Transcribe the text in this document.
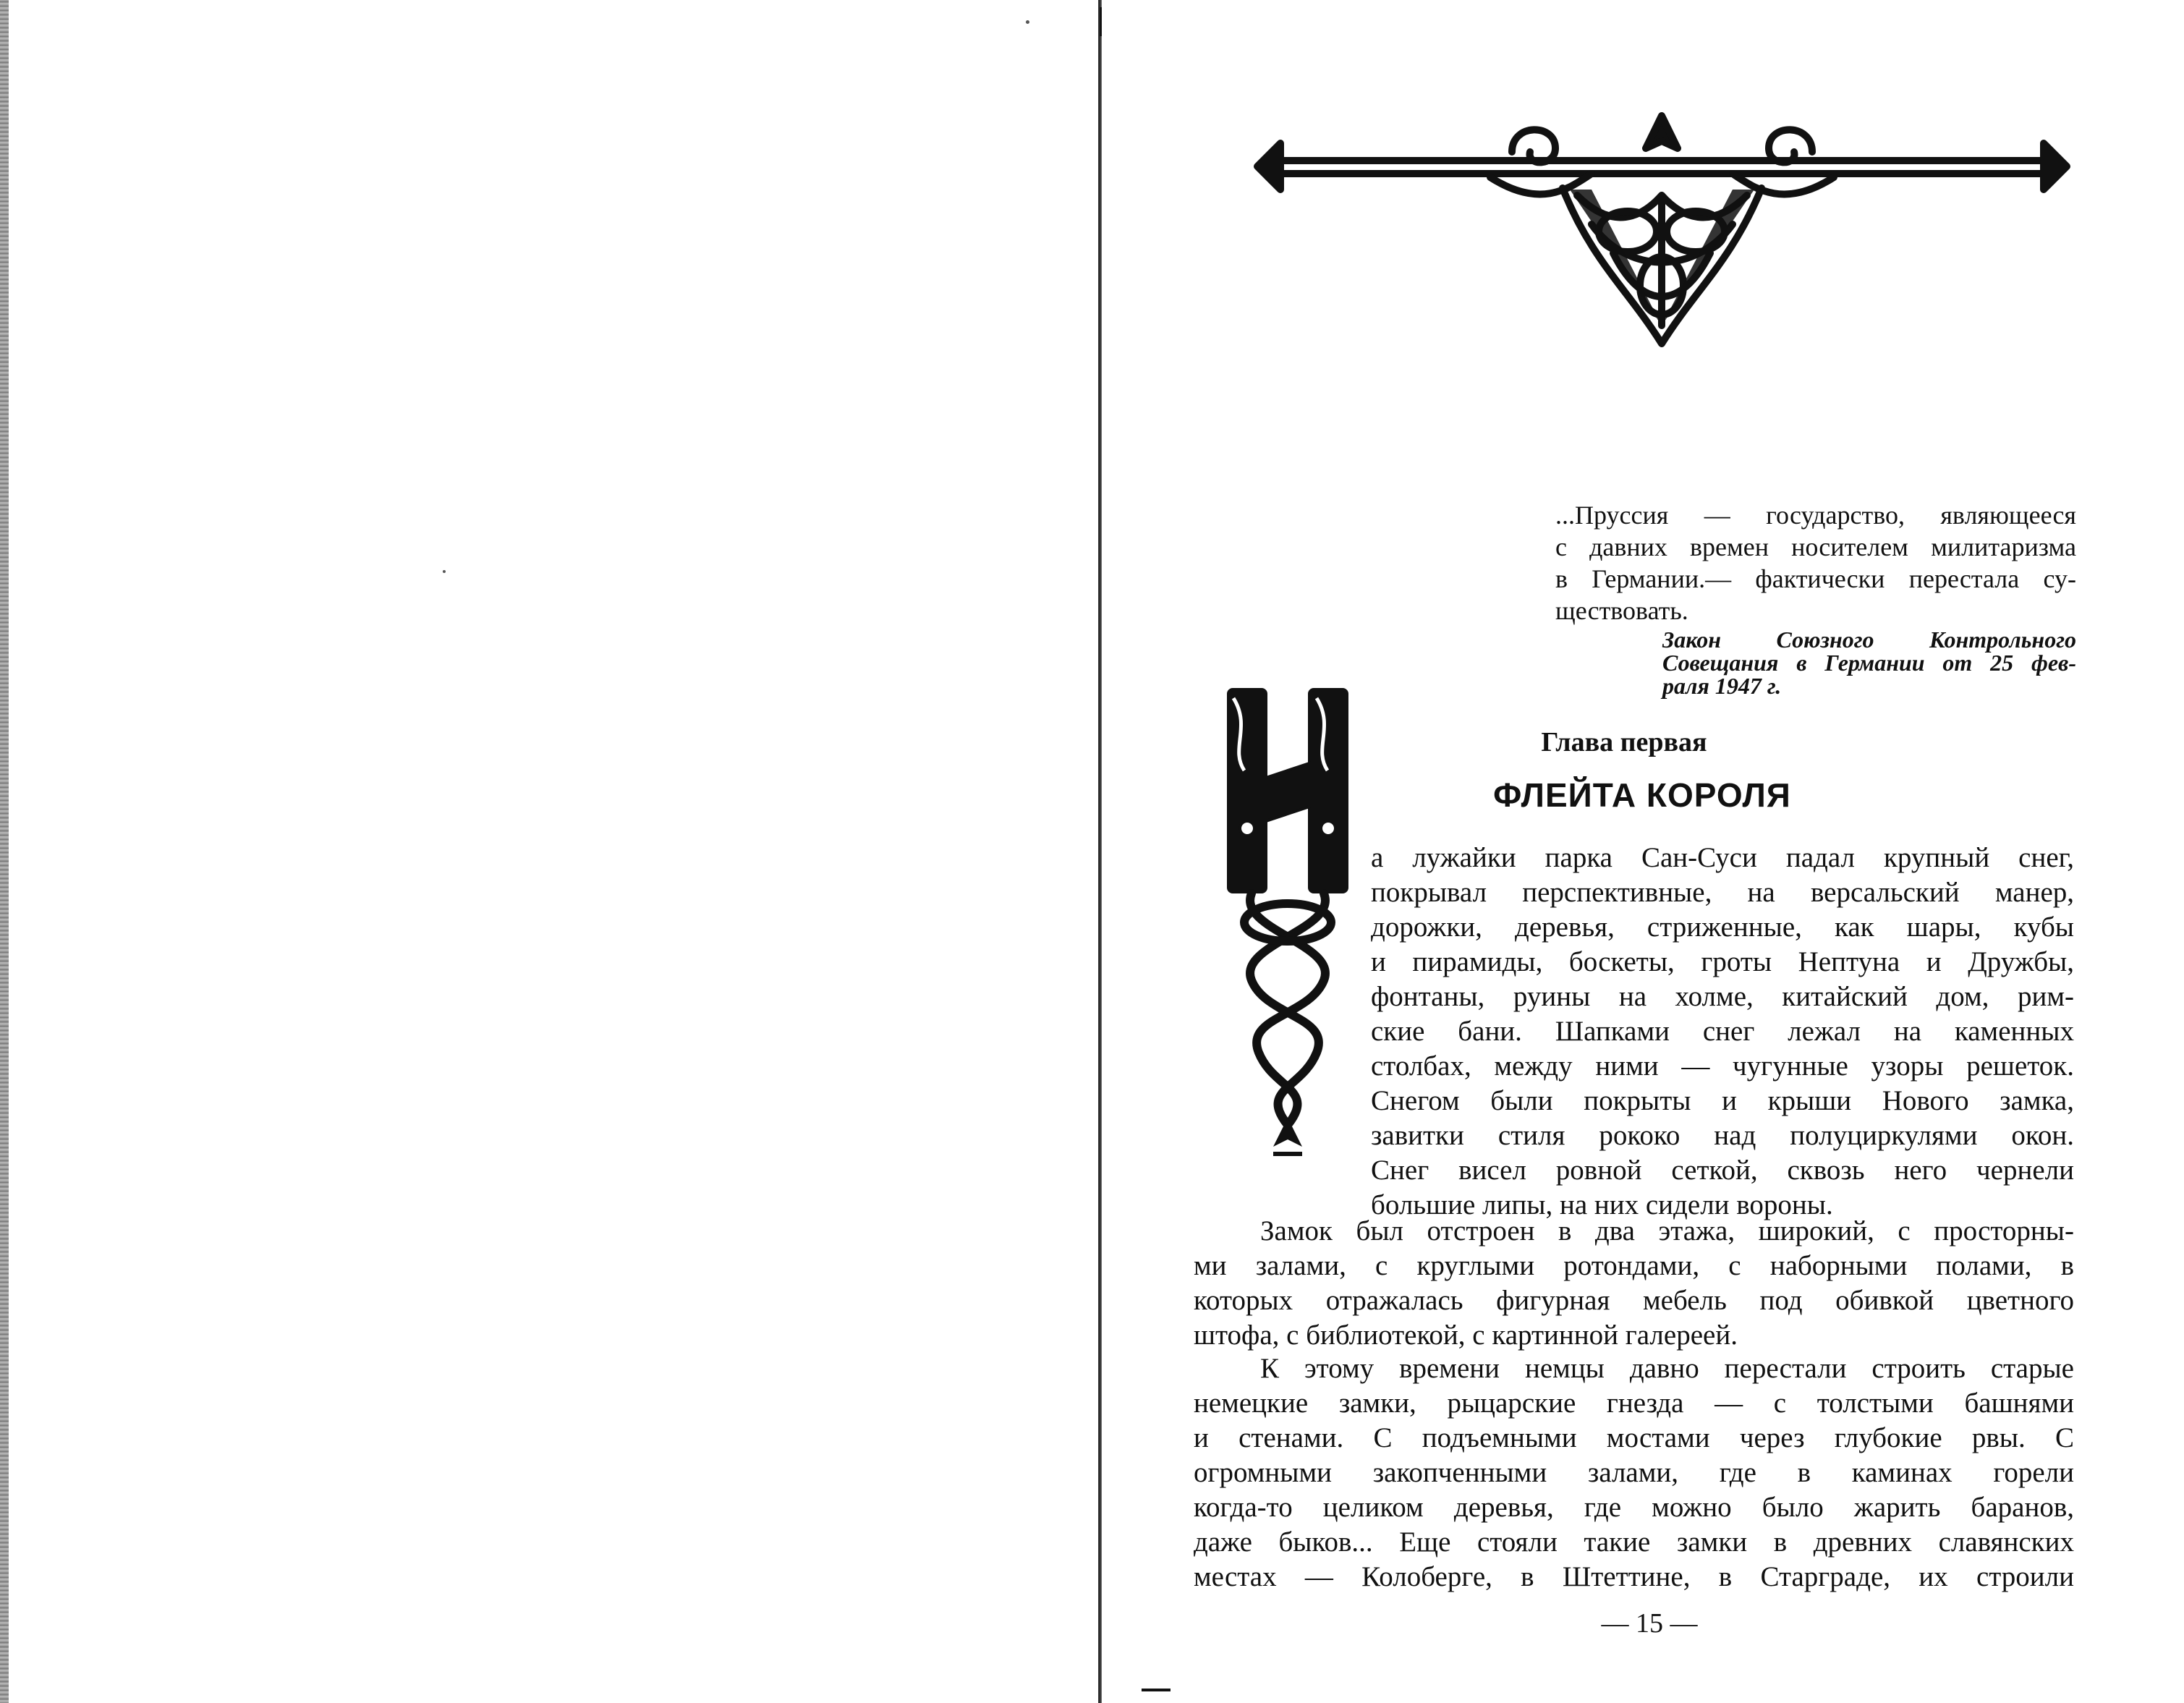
...Пруссия — государство, являющееся
с давних времен носителем милитаризма
в Германии.— фактически перестала су-
ществовать.
Закон Союзного Контрольного
Совещания в Германии от 25 фев-
раля 1947 г.
Глава первая
ФЛЕЙТА КОРОЛЯ
а лужайки парка Сан-Суси падал крупный снег,
покрывал перспективные, на версальский манер,
дорожки, деревья, стриженные, как шары, кубы
и пирамиды, боскеты, гроты Нептуна и Дружбы,
фонтаны, руины на холме, китайский дом, рим-
ские бани. Шапками снег лежал на каменных
столбах, между ними — чугунные узоры решеток.
Снегом были покрыты и крыши Нового замка,
завитки стиля рококо над полуциркулями окон.
Снег висел ровной сеткой, сквозь него чернели
большие липы, на них сидели вороны.
Замок был отстроен в два этажа, широкий, с просторны-
ми залами, с круглыми ротондами, с наборными полами, в
которых отражалась фигурная мебель под обивкой цветного
штофа, с библиотекой, с картинной галереей.
К этому времени немцы давно перестали строить старые
немецкие замки, рыцарские гнезда — с толстыми башнями
и стенами. С подъемными мостами через глубокие рвы. С
огромными закопченными залами, где в каминах горели
когда-то целиком деревья, где можно было жарить баранов,
даже быков... Еще стояли такие замки в древних славянских
местах — Колоберге, в Штеттине, в Старграде, их строили
— 15 —
